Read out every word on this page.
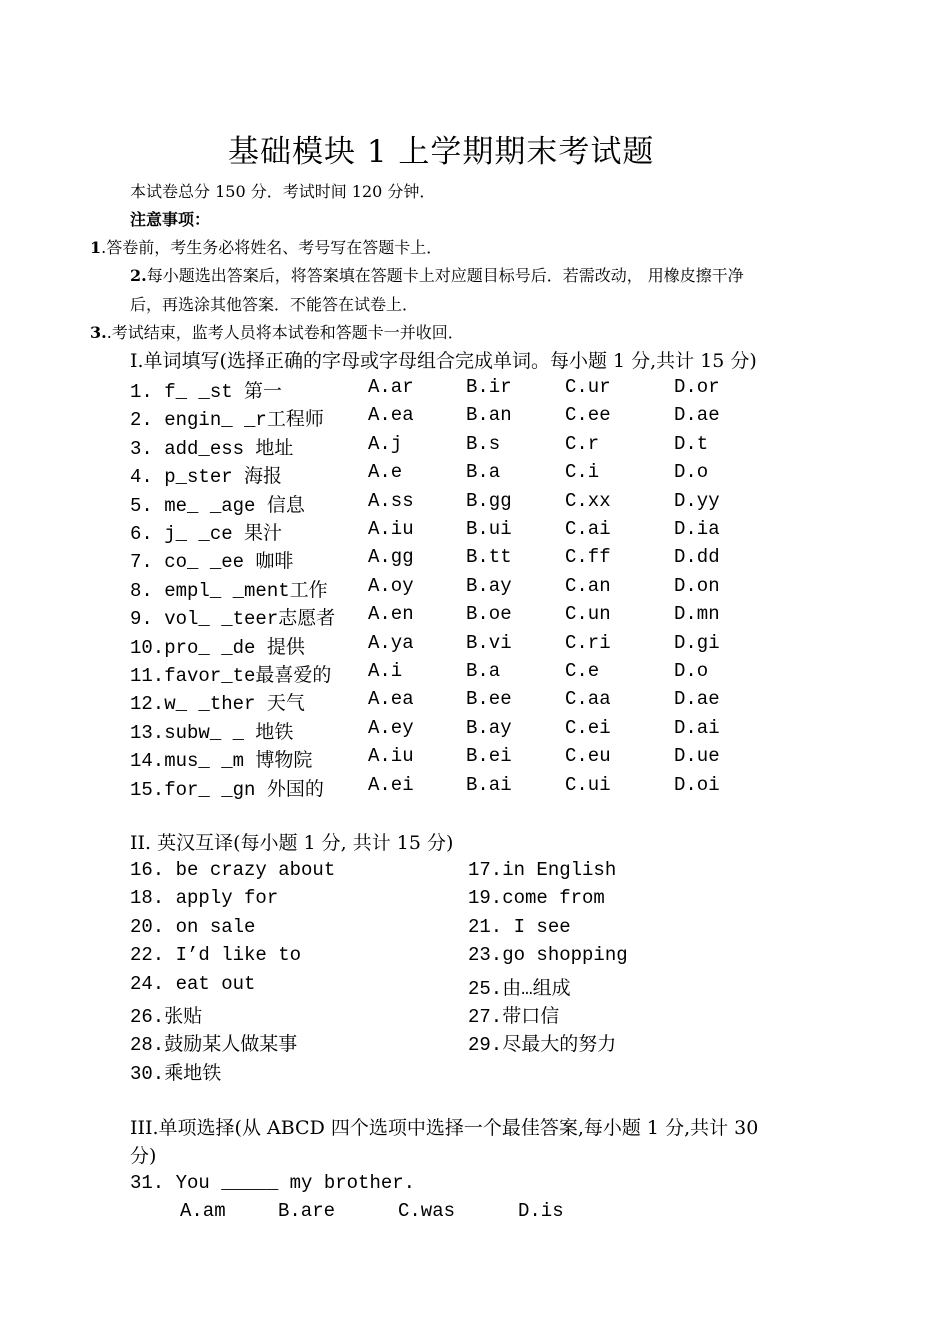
基础模块 1 上学期期末考试题
本试卷总分 150 分．考试时间 120 分钟．
注意事项：
1.答卷前，考生务必将姓名、考号写在答题卡上．
2.每小题选出答案后，将答案填在答题卡上对应题目标号后．若需改动， 用橡皮擦干净
后，再选涂其他答案．不能答在试卷上．
3..考试结束，监考人员将本试卷和答题卡一并收回．
I.单词填写(选择正确的字母或字母组合完成单词。每小题 1 分,共计 15 分)
1. f_ _st 第一	A.ar	B.ir	C.ur	D.or
2. engin_ _r工程师 A.ea	B.an	C.ee	D.ae
3. add_ess 地址	A.j	B.s	C.r	D.t
4. p_ster 海报	A.e	B.a	C.i	D.o
5. me_ _age 信息	A.ss	B.gg	C.xx	D.yy
6. j_ _ce 果汁	A.iu	B.ui	C.ai	D.ia
7. co_ _ee 咖啡	A.gg	B.tt	C.ff	D.dd
8. empl_ _ment工作 A.oy	B.ay	C.an	D.on
9. vol_ _teer志愿者 A.en	B.oe	C.un	D.mn
10.pro_ _de 提供	A.ya	B.vi	C.ri	D.gi
11.favor_te最喜爱的 A.i	B.a	C.e	D.o
12.w_ _ther 天气	A.ea	B.ee	C.aa	D.ae
13.subw_ _ 地铁	A.ey	B.ay	C.ei	D.ai
14.mus_ _m 博物院	A.iu	B.ei	C.eu	D.ue
15.for_ _gn 外国的 A.ei	B.ai	C.ui	D.oi
II. 英汉互译(每小题 1 分, 共计 15 分)
16. be crazy about	17.in English
18. apply for	19.come from
20. on sale	21. I see
22. I’d like to	23.go shopping
24. eat out	25.由…组成
26.张贴	27.带口信
28.鼓励某人做某事	29.尽最大的努力
30.乘地铁
III.单项选择(从 ABCD 四个选项中选择一个最佳答案,每小题 1 分,共计 30
分)
31. You _____ my brother.
A.am	B.are	C.was	D.is
